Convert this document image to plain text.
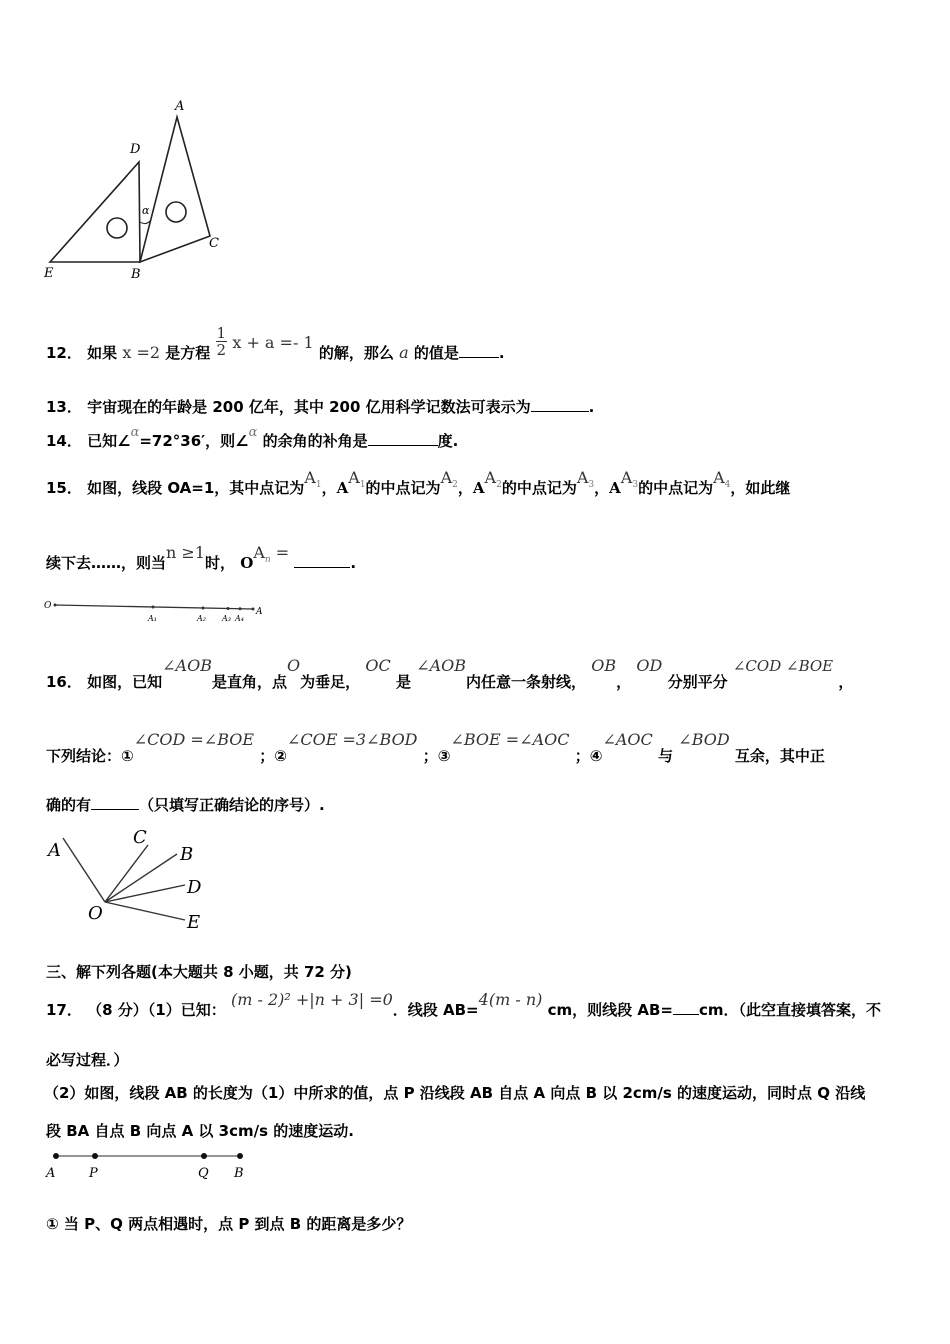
A
D
C
E	B
α
12． 如果 x =2 是方程 $\frac{1}{2}$ x + a =- 1 的解，那么 a 的值是	.
13． 宇宙现在的年龄是 200 亿年，其中 200 亿用科学记数法可表示为	.
14． 已知∠α=72°36′，则∠α 的余角的补角是	度.
15． 如图，线段 OA=1，其中点记为$A_1$，$AA_1$的中点记为$A_2$，$AA_2$的中点记为$A_3$，$AA_3$的中点记为$A_4$，如此继
续下去……，则当n ≥1时， $OA_n$ = .
O
A₁	A₂ A₃ A₄
A
16． 如图，已知∠AOB是直角，点O为垂足， OC 是 ∠AOB内任意一条射线， OB， OD 分别平分 ∠COD ∠BOE ，
下列结论：①∠COD =∠BOE ；②∠COE =3∠BOD ；③∠BOE =∠AOC ；④∠AOC 与 ∠BOD 互余，其中正
确的有	（只填写正确结论的序号）.
A
C
B
D
O	E
三、解下列各题(本大题共 8 小题，共 72 分)
17． （8 分）（1）已知： (m - 2)² +|n + 3| =0．线段 AB=4(m - n) cm，则线段 AB= cm．（此空直接填答案，不
必写过程．）
（2）如图，线段 AB 的长度为（1）中所求的值，点 P 沿线段 AB 自点 A 向点 B 以 2cm/s 的速度运动，同时点 Q 沿线
段 BA 自点 B 向点 A 以 3cm/s 的速度运动.
A	P	Q B
① 当 P、Q 两点相遇时，点 P 到点 B 的距离是多少？
